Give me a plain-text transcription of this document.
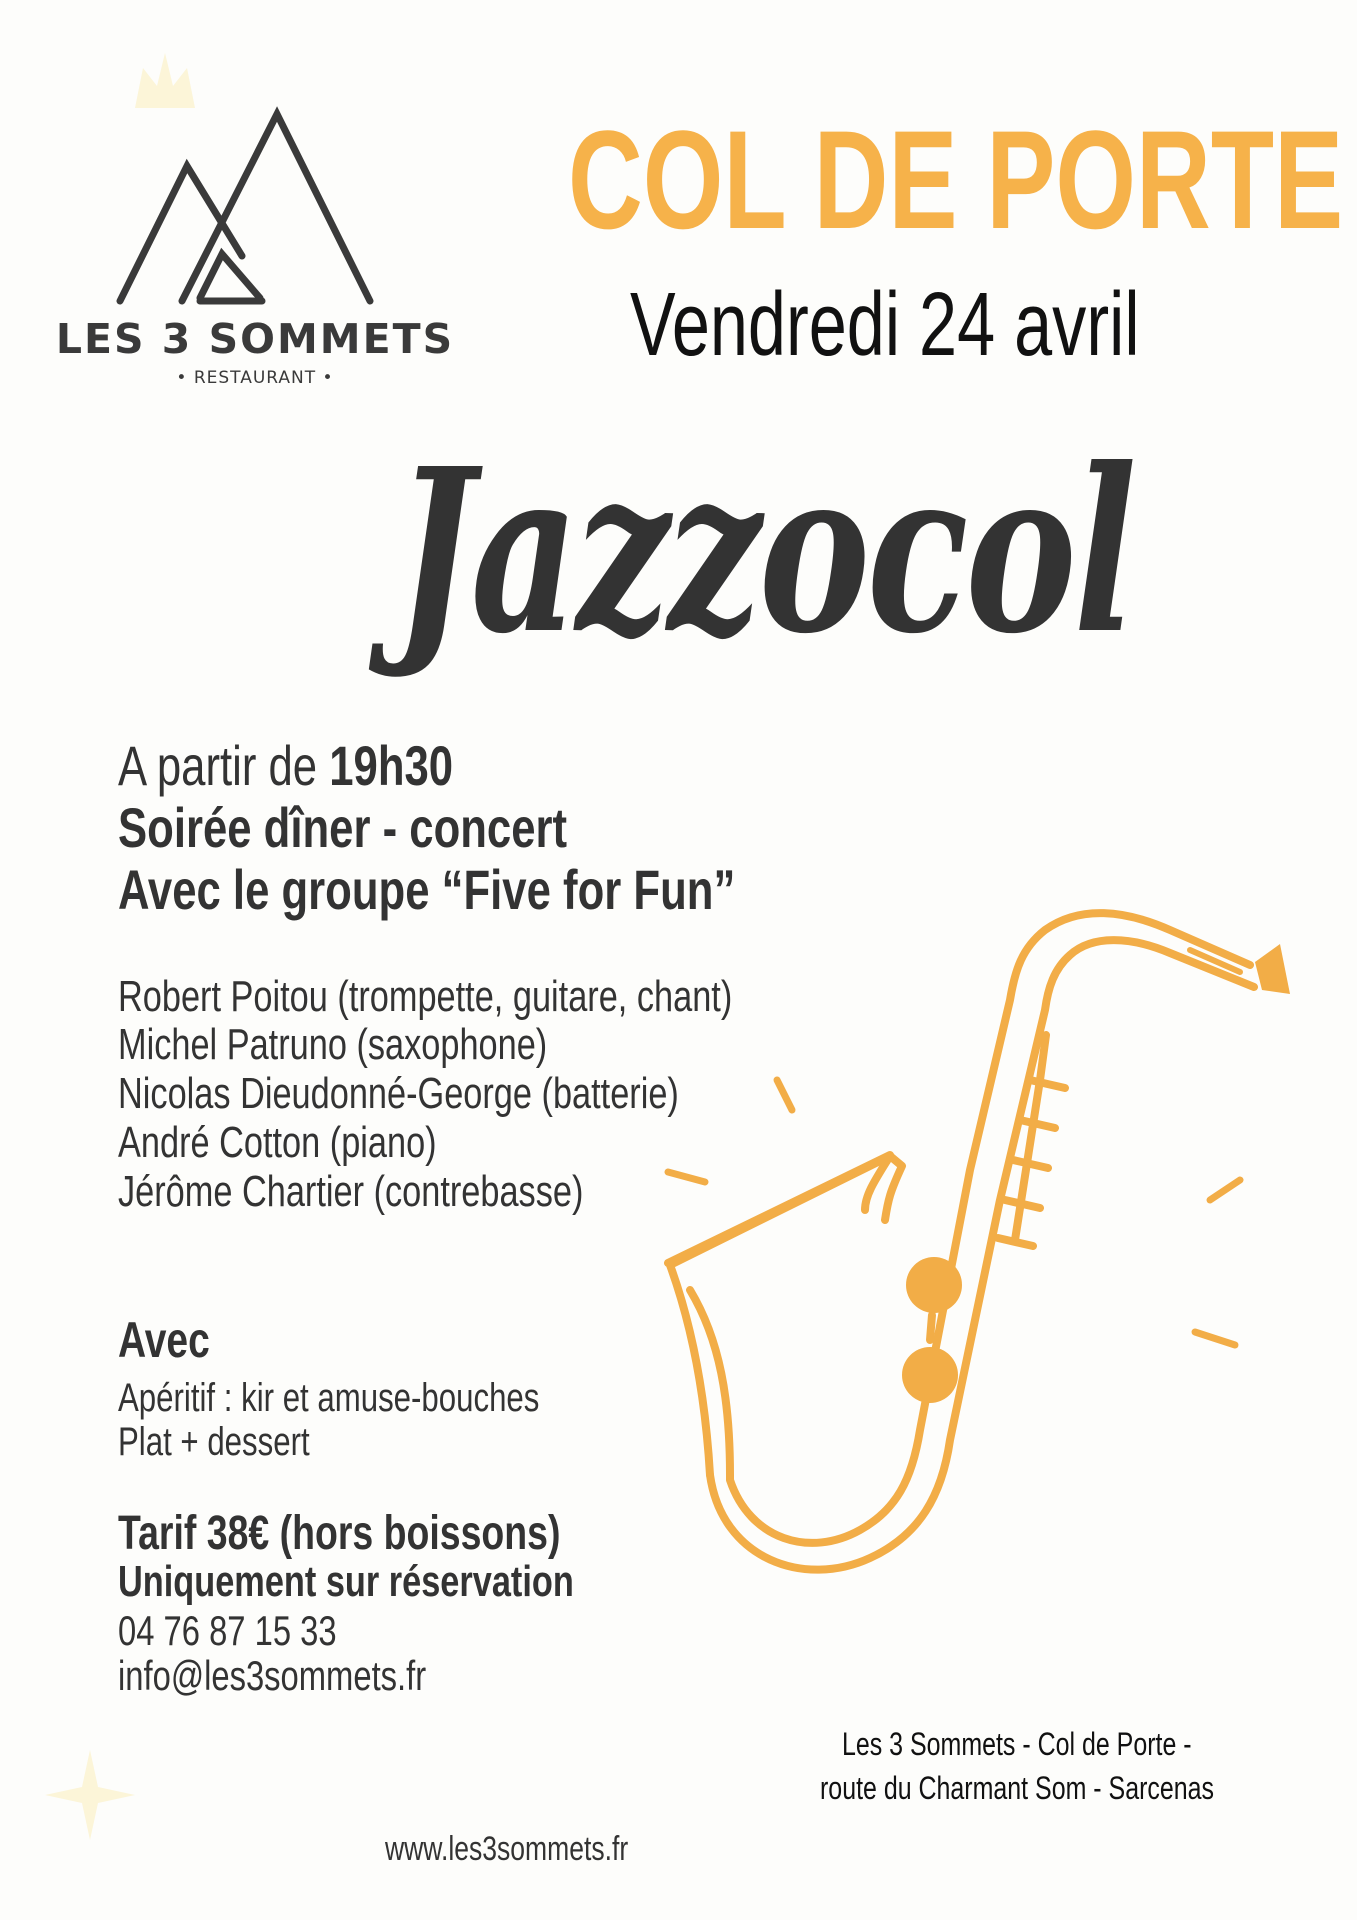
LES 3 SOMMETS
• RESTAURANT •
COL DE PORTE
Vendredi 24 avril
Jazzocol
A partir de 19h30
Soirée dîner - concert
Avec le groupe “Five for Fun”
Robert Poitou (trompette, guitare, chant)
Michel Patruno (saxophone)
Nicolas Dieudonné-George (batterie)
André Cotton (piano)
Jérôme Chartier (contrebasse)
Avec
Apéritif : kir et amuse-bouches
Plat + dessert
Tarif 38€ (hors boissons)
Uniquement sur réservation
04 76 87 15 33
info@les3sommets.fr
Les 3 Sommets - Col de Porte -
route du Charmant Som - Sarcenas
www.les3sommets.fr
